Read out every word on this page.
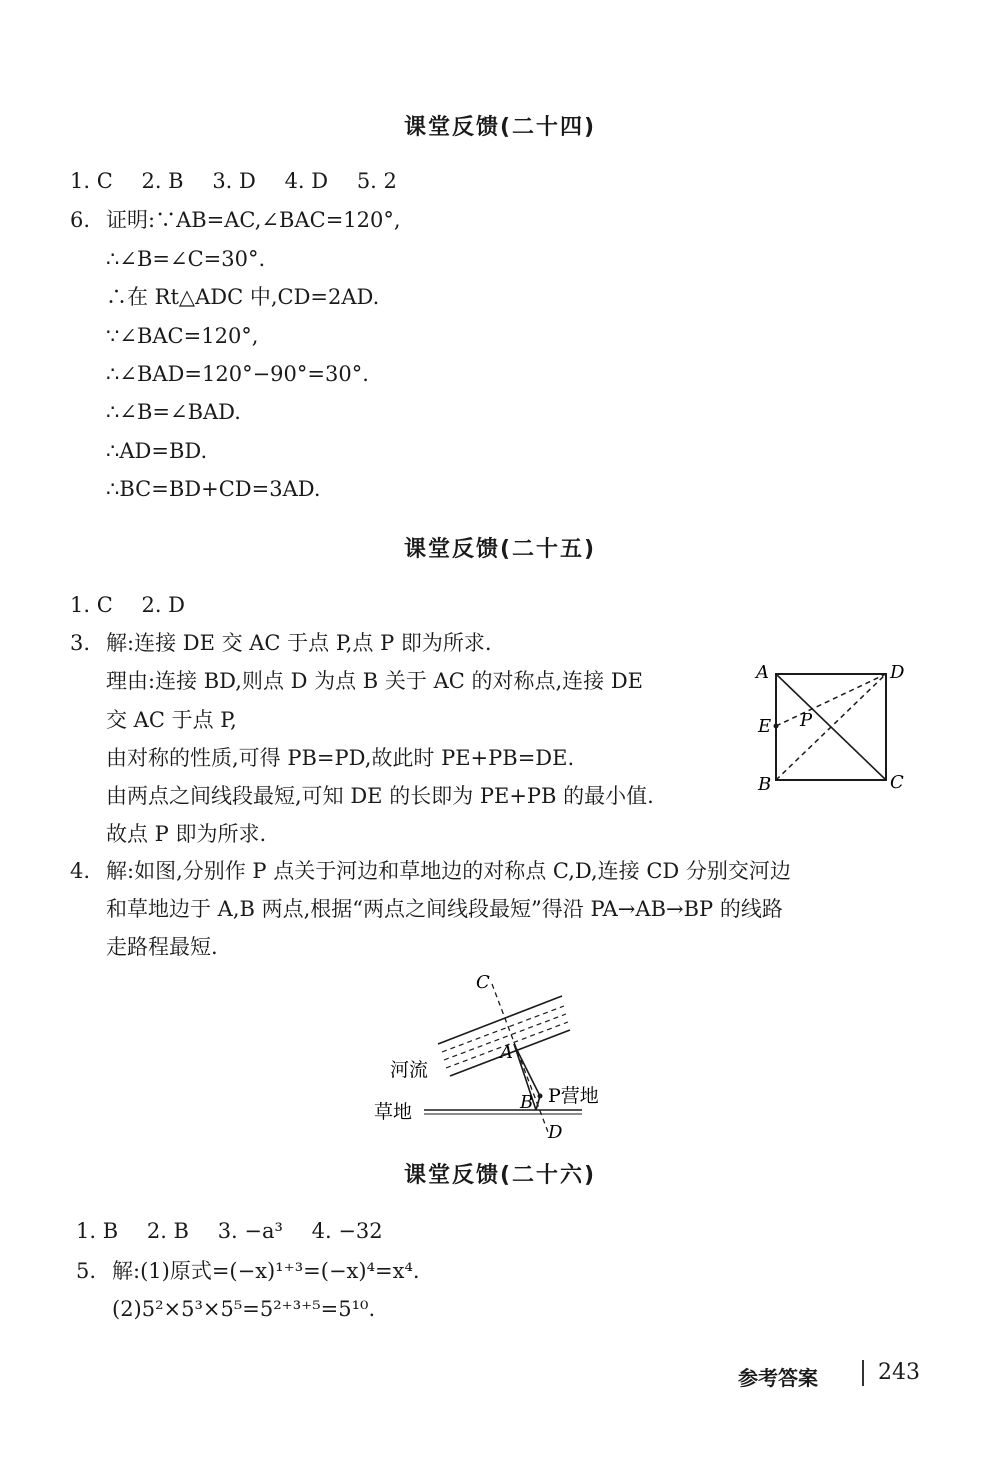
课堂反馈(二十四)
1. C 2. B 3. D 4. D 5. 2
6. 证明:∵AB=AC,∠BAC=120°,
∴∠B=∠C=30°.
∴在 Rt△ADC 中,CD=2AD.
∵∠BAC=120°,
∴∠BAD=120°−90°=30°.
∴∠B=∠BAD.
∴AD=BD.
∴BC=BD+CD=3AD.
课堂反馈(二十五)
1. C 2. D
3. 解:连接 DE 交 AC 于点 P,点 P 即为所求.
理由:连接 BD,则点 D 为点 B 关于 AC 的对称点,连接 DE
交 AC 于点 P,
由对称的性质,可得 PB=PD,故此时 PE+PB=DE.
由两点之间线段最短,可知 DE 的长即为 PE+PB 的最小值.
故点 P 即为所求.
A	D
E P
B	C
4. 解:如图,分别作 P 点关于河边和草地边的对称点 C,D,连接 CD 分别交河边
和草地边于 A,B 两点,根据“两点之间线段最短”得沿 PA→AB→BP 的线路
走路程最短.
C
A
河流
P营地
草地	B
D
课堂反馈(二十六)
1. B 2. B 3. −a³ 4. −32
5. 解:(1)原式=(−x)¹⁺³=(−x)⁴=x⁴.
(2)5²×5³×5⁵=5²⁺³⁺⁵=5¹⁰.
参考答案	243
